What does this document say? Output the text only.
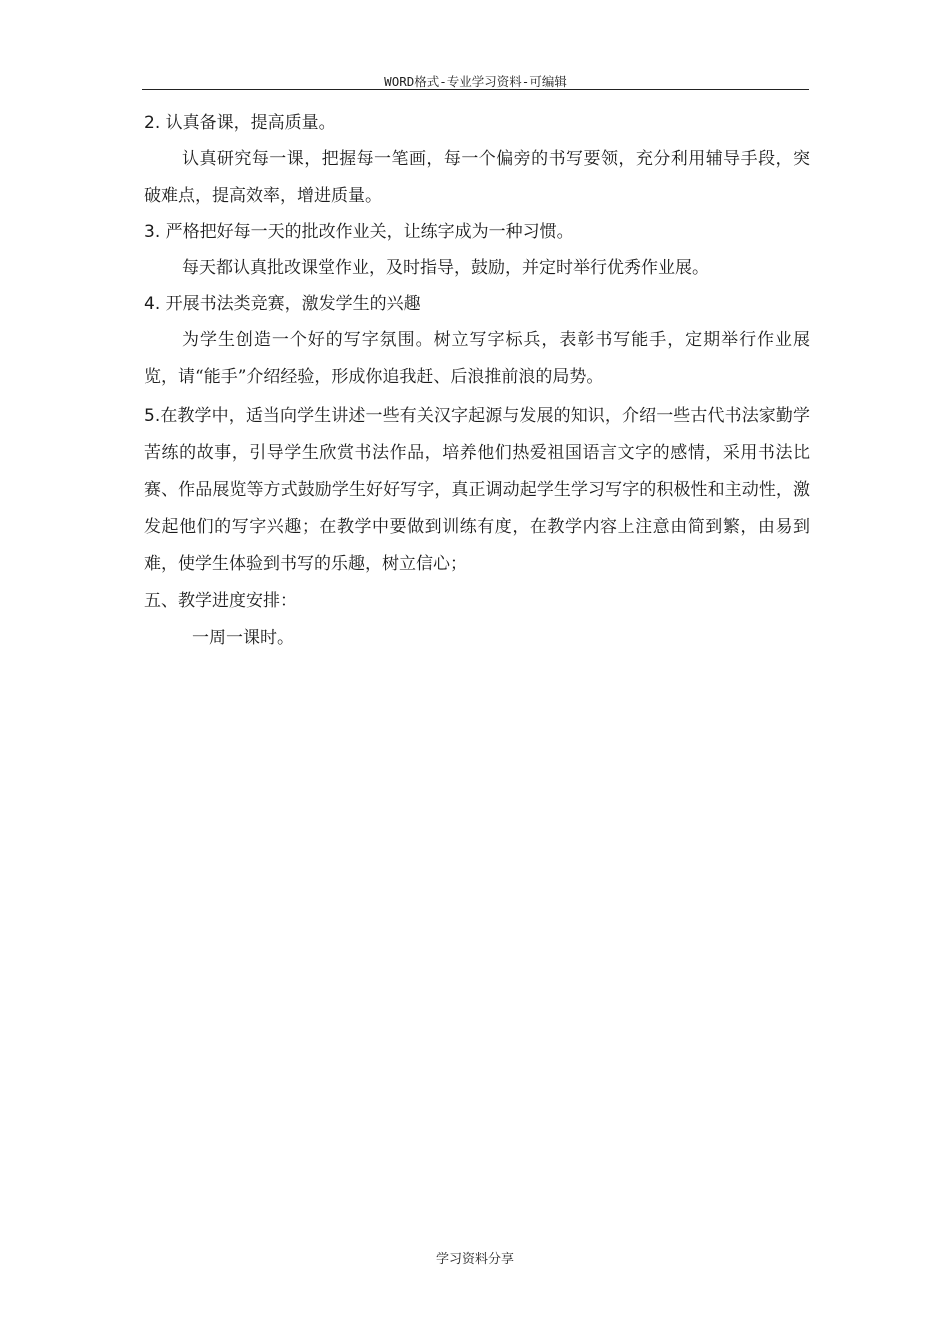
WORD格式-专业学习资料-可编辑

2. 认真备课，提高质量。

认真研究每一课，把握每一笔画，每一个偏旁的书写要领，充分利用辅导手段，突破难点，提高效率，增进质量。

3. 严格把好每一天的批改作业关，让练字成为一种习惯。

每天都认真批改课堂作业，及时指导，鼓励，并定时举行优秀作业展。

4. 开展书法类竞赛，激发学生的兴趣

为学生创造一个好的写字氛围。树立写字标兵，表彰书写能手，定期举行作业展览，请“能手”介绍经验，形成你追我赶、后浪推前浪的局势。

5.在教学中，适当向学生讲述一些有关汉字起源与发展的知识，介绍一些古代书法家勤学苦练的故事，引导学生欣赏书法作品，培养他们热爱祖国语言文字的感情，采用书法比赛、作品展览等方式鼓励学生好好写字，真正调动起学生学习写字的积极性和主动性，激发起他们的写字兴趣；在教学中要做到训练有度，在教学内容上注意由简到繁，由易到难，使学生体验到书写的乐趣，树立信心；

五、教学进度安排：

一周一课时。

学习资料分享
